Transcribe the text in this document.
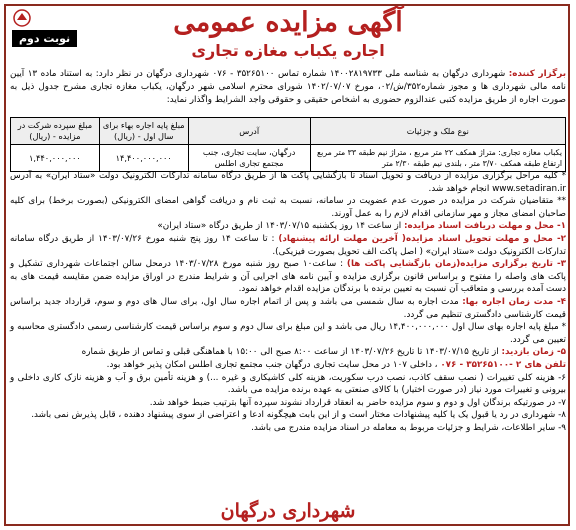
نوبت دوم
آگهی مزایده عمومی
اجاره یکباب مغازه تجاری
برگزار کننده: شهرداری درگهان به شناسه ملی ۱۴۰۰۲۸۱۹۷۳۳ شماره تماس ۳۵۲۶۵۱۰۰ - ۰۷۶ شهرداری درگهان در نظر دارد: به استناد ماده ۱۳ آیین نامه مالی شهرداری ها و مجوز شماره۳۵۲/ش/۰۲، مورخ ۱۴۰۲/۰۷/۰۷ شورای محترم اسلامی شهر درگهان، یکباب مغازه تجاری مشرح جدول ذیل به صورت اجاره از طریق مزایده کتبی عندالزوم حضوری به اشخاص حقیقی و حقوقی واجد الشرایط واگذار نماید:
نوع ملک و جزئیات	آدرس	مبلغ پایه اجاره بهاء برای سال اول - (ریال)	مبلغ سپرده شرکت در مزایده - (ریال)
یکباب مغازه تجاری: متراژ همکف ۲۲ متر مربع ، متراژ نیم طبقه ۳۳ متر مربع ارتفاع طبقه همکف ۳/۷۰ متر ، بلندی نیم طبقه ۲/۳۰ متر	درگهان، سایت تجاری، جنب مجتمع تجاری اطلس	۱۴,۴۰۰,۰۰۰,۰۰۰	۱,۴۴۰,۰۰۰,۰۰۰

* کلیه مراحل برگزاری مزایده از دریافت و تحویل اسناد تا بازگشایی پاکت ها از طریق درگاه سامانه تدارکات الکترونیک دولت «ستاد ایران» به آدرس www.setadiran.ir انجام خواهد شد.

** متقاضیان شرکت در مزایده در صورت عدم عضویت در سامانه، نسبت به ثبت نام و دریافت گواهی امضای الکترونیکی (بصورت برخط) برای کلیه صاحبان امضای مجاز و مهر سازمانی اقدام لازم را به عمل آورند.

۱- محل و مهلت دریافت اسناد مزایده: از ساعت ۱۴ روز یکشنبه ۱۴۰۳/۰۷/۱۵ از طریق درگاه «ستاد ایران»

۲- محل و مهلت تحویل اسناد مزایده( آخرین مهلت ارائه پیشنهاد) : تا ساعت ۱۴ روز پنج شنبه مورخ ۱۴۰۳/۰۷/۲۶ از طریق درگاه سامانه تدارکات الکترونیک دولت «ستاد ایران» ( اصل پاکت الف تحویل بصورت فیزیکی).

۳- تاریخ برگزاری مزایده(زمان بازگشایی پاکت ها) : ساعت۱۰ صبح روز شنبه مورخ ۱۴۰۳/۰۷/۲۸ درمحل سالن اجتماعات شهرداری تشکیل و پاکت های واصله را مفتوح و براساس قانون برگزاری مزایده و آیین نامه های اجرایی آن و شرایط مندرج در اوراق مزایده ضمن مقایسه قیمت های به دست آمده بررسی و متعاقب آن نسبت به تعیین برنده با برندگان مزایده اقدام خواهد نمود.

۴- مدت زمان اجاره بها: مدت اجاره به سال شمسی می باشد و پس از اتمام اجاره سال اول، برای سال های دوم و سوم، قرارداد جدید براساس قیمت کارشناسی دادگستری تنظیم می گردد.

* مبلغ پایه اجاره بهای سال اول ۱۴,۴۰۰,۰۰۰,۰۰۰ ریال می باشد و این مبلغ برای سال دوم و سوم براساس قیمت کارشناسی رسمی دادگستری محاسبه و تعیین می گردد.

۵- زمان بازدید: از تاریخ ۱۴۰۳/۰۷/۱۵ تا تاریخ ۱۴۰۳/۰۷/۲۶ از ساعت ۸:۰۰ صبح الی ۱۵:۰۰ با هماهنگی قبلی و تماس از طریق شماره

تلفن های ۲ -۳۵۲۶۵۱۰۰ - ۰۷۶ ، داخلی ۱۰۷ در محل سایت تجاری درگهان جنب مجتمع تجاری اطلس امکان پذیر خواهد بود.

۶- هزینه کلی تغییرات ( نصب سقف کاذب، نصب درب سکوریت، هزینه کلی کاشیکاری و غیره ...) و هزینه تأمین برق و آب و هزینه نازک کاری داخلی و بیرونی و تغییرات مورد نیاز (در صورت اختیار) با کالای صنعتی به عهده برنده مزایده می باشد.

۷- در صورتیکه برندگان اول و دوم و سوم مزایده حاضر به انعقاد قرارداد نشوند سپرده آنها بترتیب ضبط خواهد شد.

۸- شهرداری در رد یا قبول یک یا کلیه پیشنهادات مختار است و از این بابت هیچگونه ادعا و اعتراضی از سوی پیشنهاد دهنده ، قابل پذیرش نمی باشد.

۹- سایر اطلاعات، شرایط و جزئیات مربوط به معامله در اسناد مزایده مندرج می باشد.

شهرداری درگهان
